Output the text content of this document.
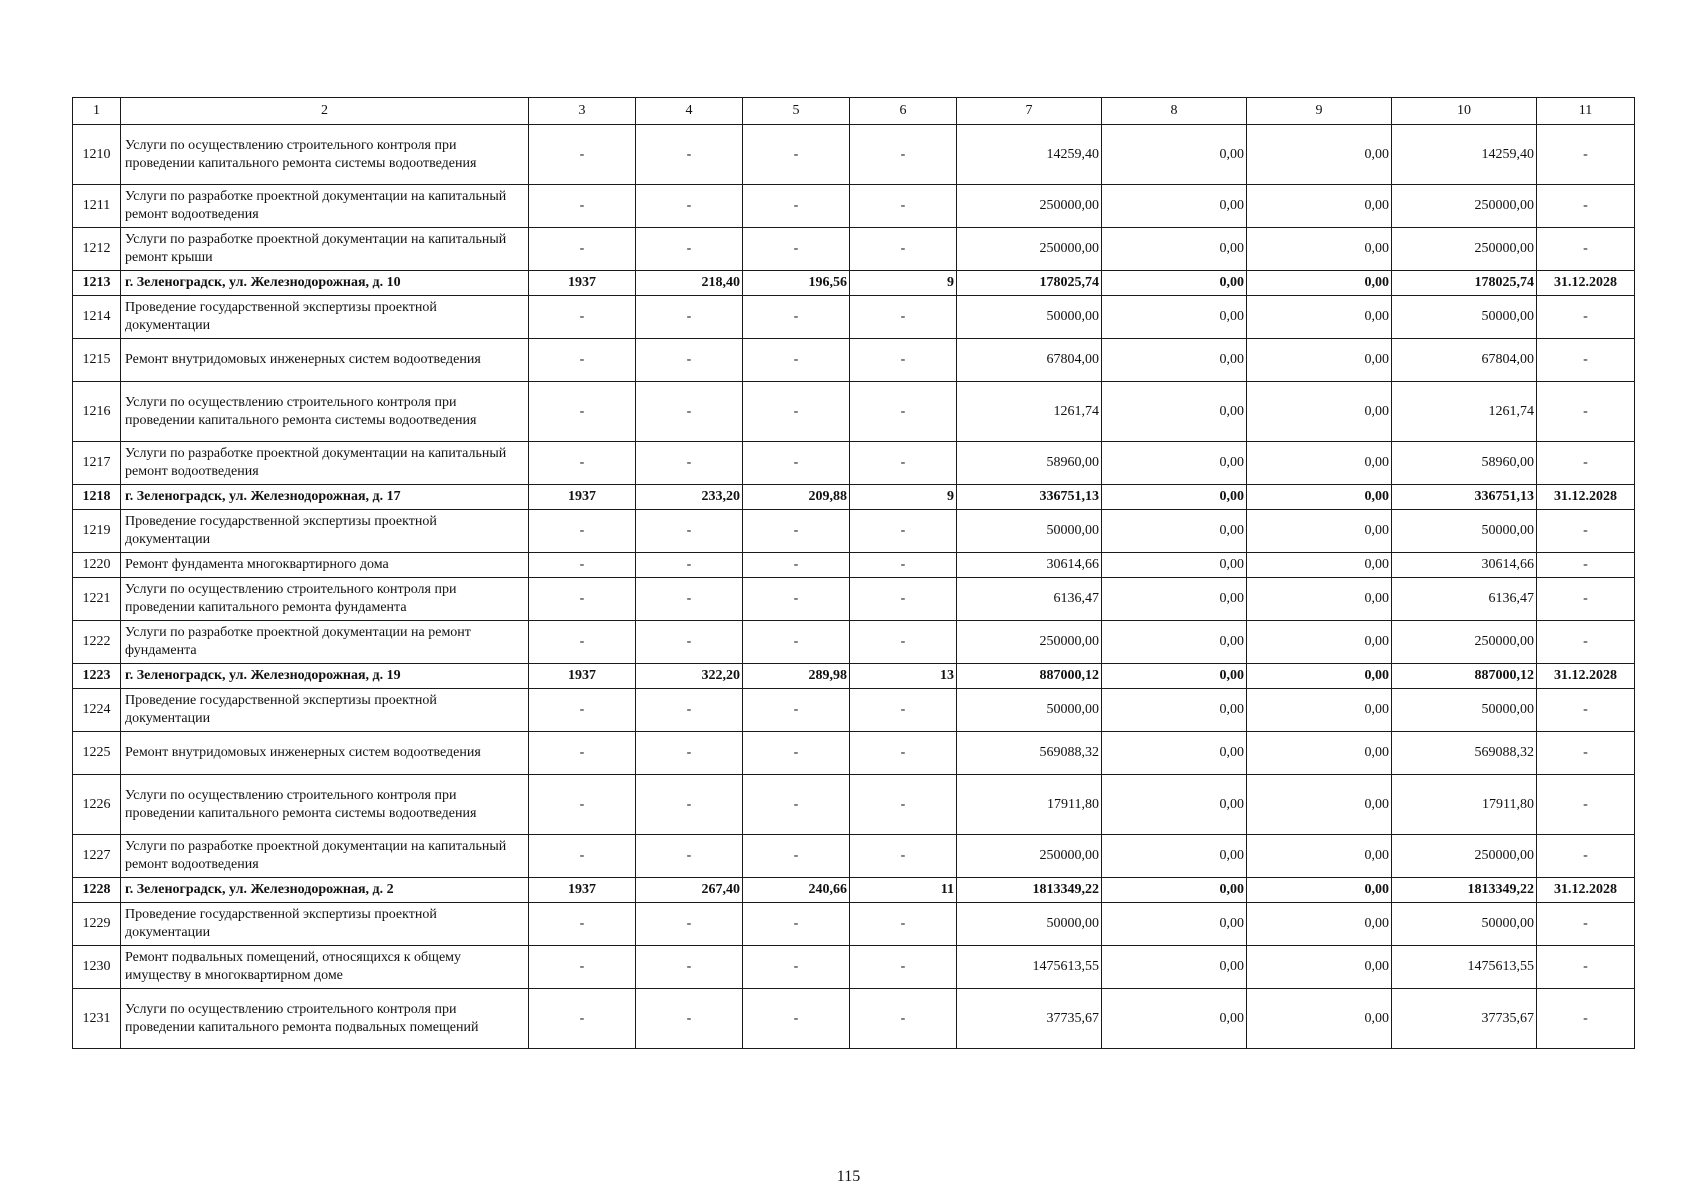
1	2	3	4	5	6	7	8	9	10	11
1210	Услуги по осуществлению строительного контроля при проведении капитального ремонта системы водоотведения	-	-	-	-	14259,40	0,00	0,00	14259,40	-
1211	Услуги по разработке проектной документации на капитальный ремонт водоотведения	-	-	-	-	250000,00	0,00	0,00	250000,00	-
1212	Услуги по разработке проектной документации на капитальный ремонт крыши	-	-	-	-	250000,00	0,00	0,00	250000,00	-
1213	г. Зеленоградск, ул. Железнодорожная, д. 10	1937	218,40	196,56	9	178025,74	0,00	0,00	178025,74	31.12.2028
1214	Проведение государственной экспертизы проектной документации	-	-	-	-	50000,00	0,00	0,00	50000,00	-
1215	Ремонт внутридомовых инженерных систем водоотведения	-	-	-	-	67804,00	0,00	0,00	67804,00	-
1216	Услуги по осуществлению строительного контроля при проведении капитального ремонта системы водоотведения	-	-	-	-	1261,74	0,00	0,00	1261,74	-
1217	Услуги по разработке проектной документации на капитальный ремонт водоотведения	-	-	-	-	58960,00	0,00	0,00	58960,00	-
1218	г. Зеленоградск, ул. Железнодорожная, д. 17	1937	233,20	209,88	9	336751,13	0,00	0,00	336751,13	31.12.2028
1219	Проведение государственной экспертизы проектной документации	-	-	-	-	50000,00	0,00	0,00	50000,00	-
1220	Ремонт фундамента многоквартирного дома	-	-	-	-	30614,66	0,00	0,00	30614,66	-
1221	Услуги по осуществлению строительного контроля при проведении капитального ремонта фундамента	-	-	-	-	6136,47	0,00	0,00	6136,47	-
1222	Услуги по разработке проектной документации на ремонт фундамента	-	-	-	-	250000,00	0,00	0,00	250000,00	-
1223	г. Зеленоградск, ул. Железнодорожная, д. 19	1937	322,20	289,98	13	887000,12	0,00	0,00	887000,12	31.12.2028
1224	Проведение государственной экспертизы проектной документации	-	-	-	-	50000,00	0,00	0,00	50000,00	-
1225	Ремонт внутридомовых инженерных систем водоотведения	-	-	-	-	569088,32	0,00	0,00	569088,32	-
1226	Услуги по осуществлению строительного контроля при проведении капитального ремонта системы водоотведения	-	-	-	-	17911,80	0,00	0,00	17911,80	-
1227	Услуги по разработке проектной документации на капитальный ремонт водоотведения	-	-	-	-	250000,00	0,00	0,00	250000,00	-
1228	г. Зеленоградск, ул. Железнодорожная, д. 2	1937	267,40	240,66	11	1813349,22	0,00	0,00	1813349,22	31.12.2028
1229	Проведение государственной экспертизы проектной документации	-	-	-	-	50000,00	0,00	0,00	50000,00	-
1230	Ремонт подвальных помещений, относящихся к общему имуществу в многоквартирном доме	-	-	-	-	1475613,55	0,00	0,00	1475613,55	-
1231	Услуги по осуществлению строительного контроля при проведении капитального ремонта подвальных помещений	-	-	-	-	37735,67	0,00	0,00	37735,67	-
115
